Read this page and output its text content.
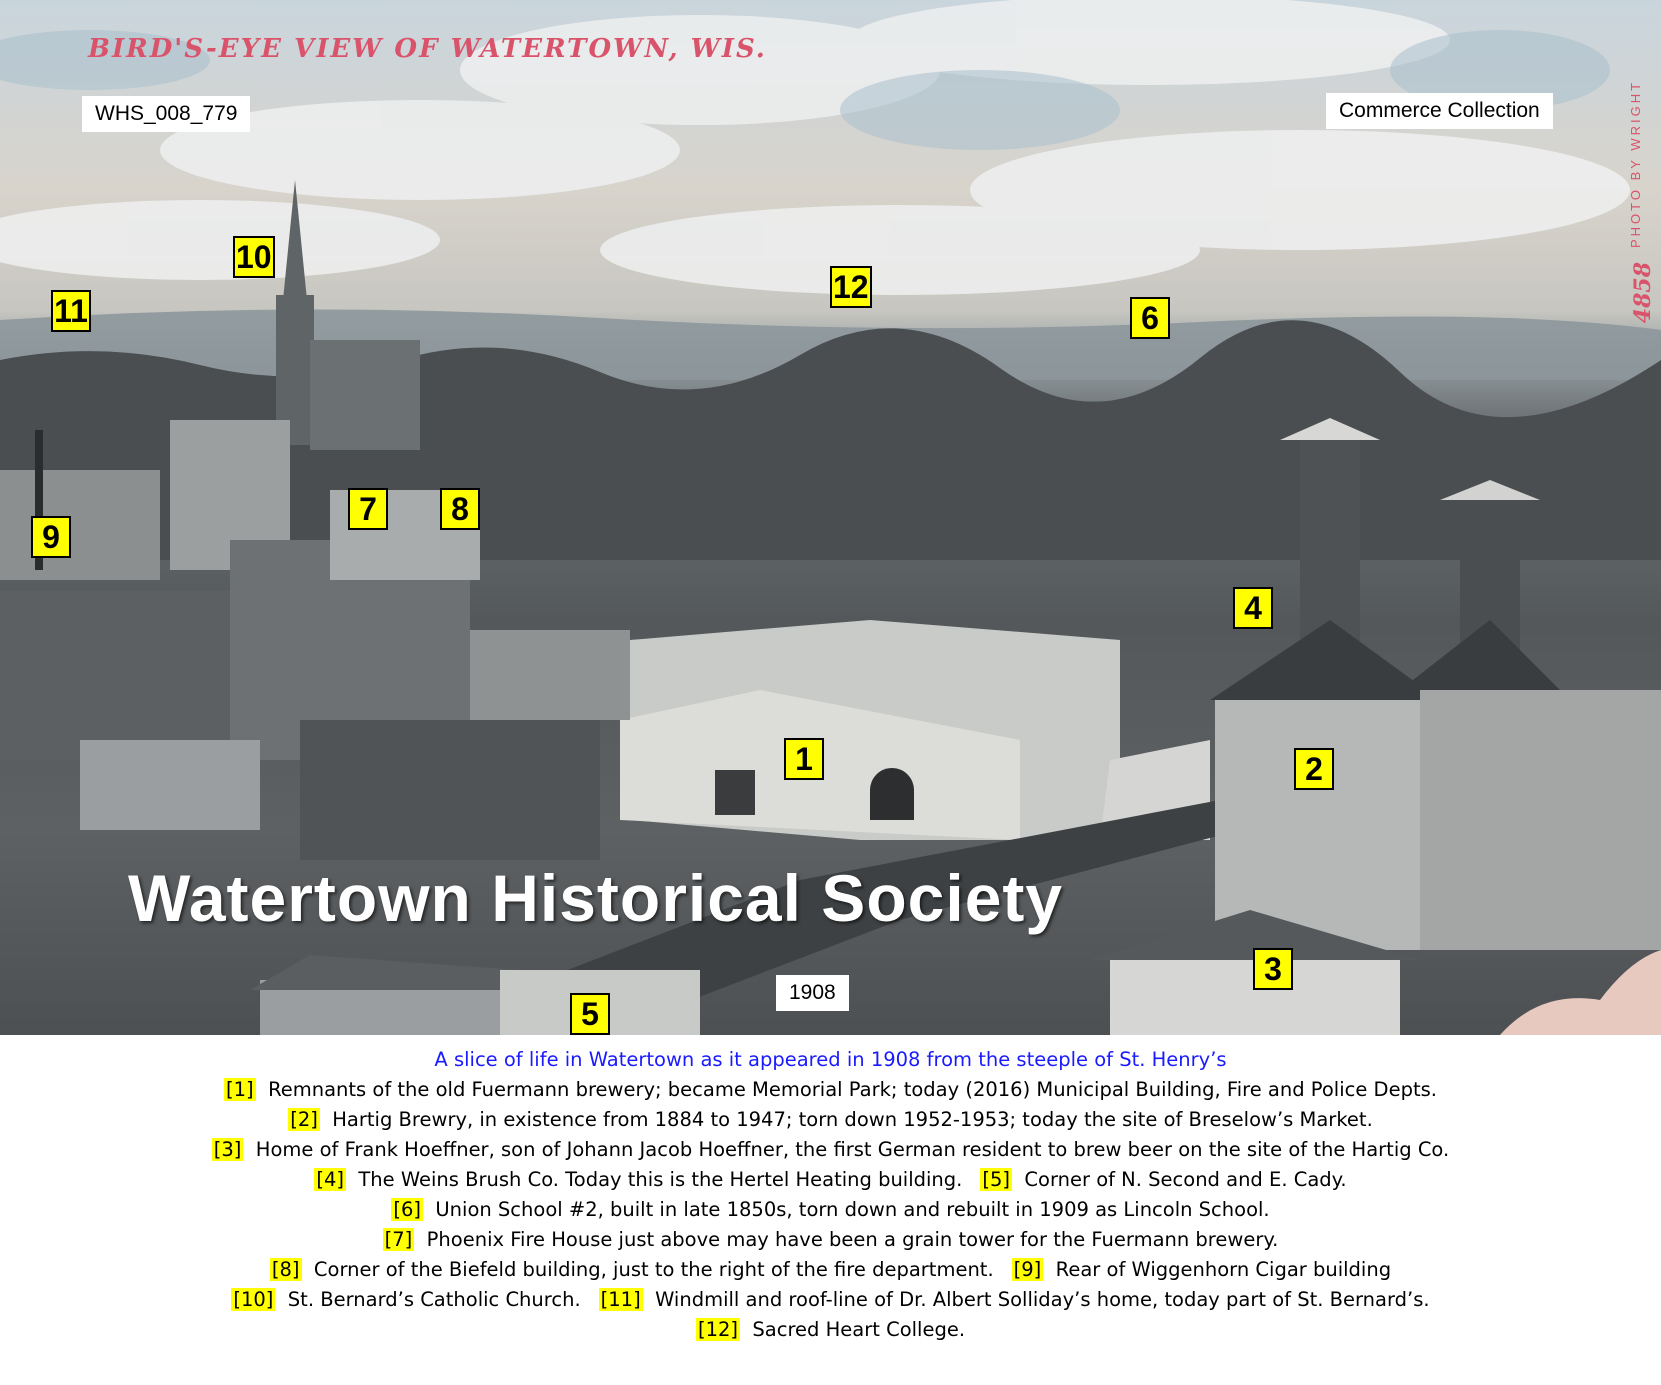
BIRD'S-EYE VIEW OF WATERTOWN, WIS.
WHS_008_779	Commerce Collection
11
10
12
6
7	8
9
4
1	2
3
5
Watertown Historical Society
1908
PHOTO BY WRIGHT
4858
A slice of life in Watertown as it appeared in 1908 from the steeple of St. Henry’s
[1]  Remnants of the old Fuermann brewery; became Memorial Park; today (2016) Municipal Building, Fire and Police Depts.
[2]  Hartig Brewry, in existence from 1884 to 1947; torn down 1952-1953; today the site of Breselow’s Market.
[3]  Home of Frank Hoeffner, son of Johann Jacob Hoeffner, the first German resident to brew beer on the site of the Hartig Co.
[4]  The Weins Brush Co. Today this is the Hertel Heating building. [5]  Corner of N. Second and E. Cady.
[6]  Union School #2, built in late 1850s, torn down and rebuilt in 1909 as Lincoln School.
[7]  Phoenix Fire House just above may have been a grain tower for the Fuermann brewery.
[8]  Corner of the Biefeld building, just to the right of the fire department. [9]  Rear of Wiggenhorn Cigar building
[10]  St. Bernard’s Catholic Church. [11]  Windmill and roof-line of Dr. Albert Solliday’s home, today part of St. Bernard’s.
[12]  Sacred Heart College.
